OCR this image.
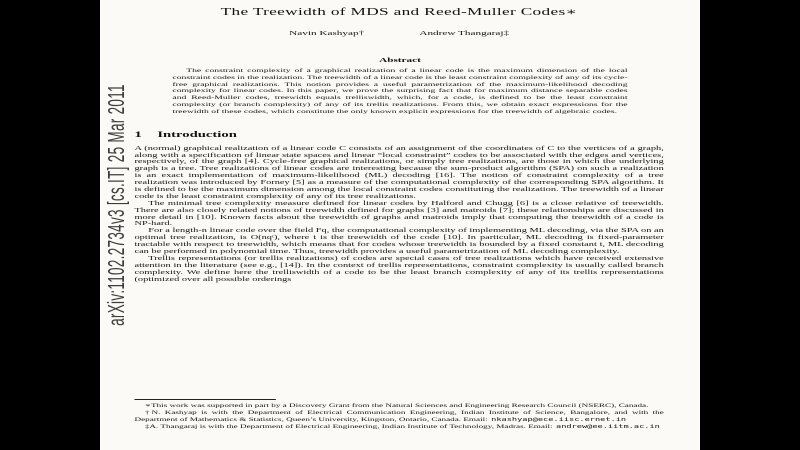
arXiv:1102.2734v3 [cs.IT] 25 Mar 2011
The Treewidth of MDS and Reed-Muller Codes∗
Navin Kashyap†	Andrew Thangaraj‡
Abstract

The constraint complexity of a graphical realization of a linear code is the maximum dimension of the local constraint codes in the realization. The treewidth of a linear code is the least constraint complexity of any of its cycle-free graphical realizations. This notion provides a useful parametrization of the maximum-likelihood decoding complexity for linear codes. In this paper, we prove the surprising fact that for maximum distance separable codes and Reed-Muller codes, treewidth equals trelliswidth, which, for a code, is defined to be the least constraint complexity (or branch complexity) of any of its trellis realizations. From this, we obtain exact expressions for the treewidth of these codes, which constitute the only known explicit expressions for the treewidth of algebraic codes.

1 Introduction

A (normal) graphical realization of a linear code C consists of an assignment of the coordinates of C to the vertices of a graph, along with a specification of linear state spaces and linear “local constraint” codes to be associated with the edges and vertices, respectively, of the graph [4]. Cycle-free graphical realizations, or simply tree realizations, are those in which the underlying graph is a tree. Tree realizations of linear codes are interesting because the sum-product algorithm (SPA) on such a realization is an exact implementation of maximum-likelihood (ML) decoding [16]. The notion of constraint complexity of a tree realization was introduced by Forney [5] as a measure of the computational complexity of the corresponding SPA algorithm. It is defined to be the maximum dimension among the local constraint codes constituting the realization. The treewidth of a linear code is the least constraint complexity of any of its tree realizations.

The minimal tree complexity measure defined for linear codes by Halford and Chugg [6] is a close relative of treewidth. There are also closely related notions of treewidth defined for graphs [3] and matroids [7]; these relationships are discussed in more detail in [10]. Known facts about the treewidth of graphs and matroids imply that computing the treewidth of a code is NP-hard.

For a length-n linear code over the field Fq, the computational complexity of implementing ML decoding, via the SPA on an optimal tree realization, is O(nqᵗ), where t is the treewidth of the code [10]. In particular, ML decoding is fixed-parameter tractable with respect to treewidth, which means that for codes whose treewidth is bounded by a fixed constant t, ML decoding can be performed in polynomial time. Thus, treewidth provides a useful parametrization of ML decoding complexity.

Trellis representations (or trellis realizations) of codes are special cases of tree realizations which have received extensive attention in the literature (see e.g., [14]). In the context of trellis representations, constraint complexity is usually called branch complexity. We define here the trelliswidth of a code to be the least branch complexity of any of its trellis representations (optimized over all possible orderings

∗This work was supported in part by a Discovery Grant from the Natural Sciences and Engineering Research Council (NSERC), Canada.

†N. Kashyap is with the Department of Electrical Communication Engineering, Indian Institute of Science, Bangalore, and with the Department of Mathematics & Statistics, Queen’s University, Kingston, Ontario, Canada. Email: nkashyap@ece.iisc.ernet.in

‡A. Thangaraj is with the Department of Electrical Engineering, Indian Institute of Technology, Madras. Email: andrew@ee.iitm.ac.in
